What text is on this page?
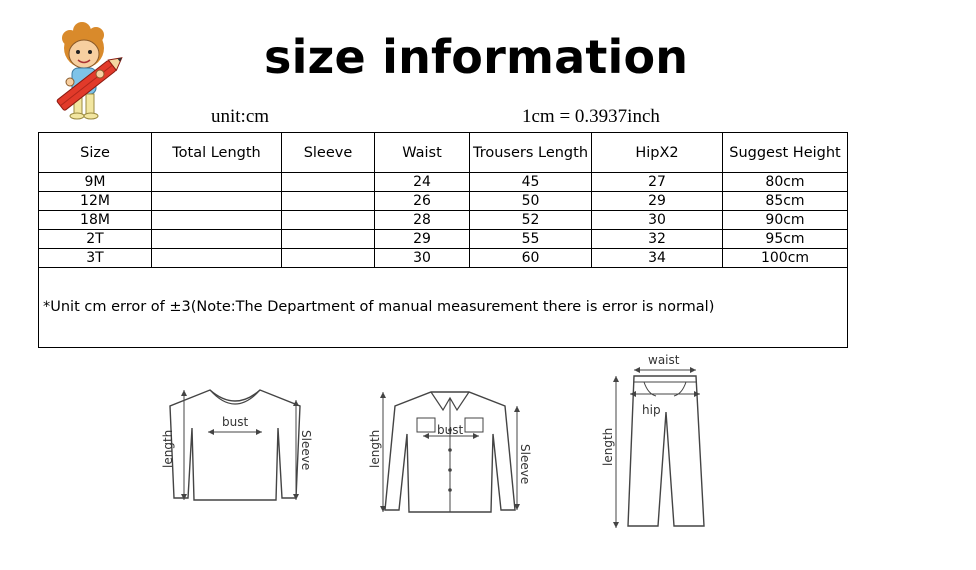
size information
unit:cm	1cm = 0.3937inch
Size	Total Length	Sleeve	Waist	Trousers Length	HipX2	Suggest Height
9M			24	45	27	80cm
12M			26	50	29	85cm
18M			28	52	30	90cm
2T			29	55	32	95cm
3T			30	60	34	100cm
*Unit cm error of ±3(Note:The Department of manual measurement there is error is normal)						
bust
length	Sleeve	bust
length	Sleeve
waist
hip
length
